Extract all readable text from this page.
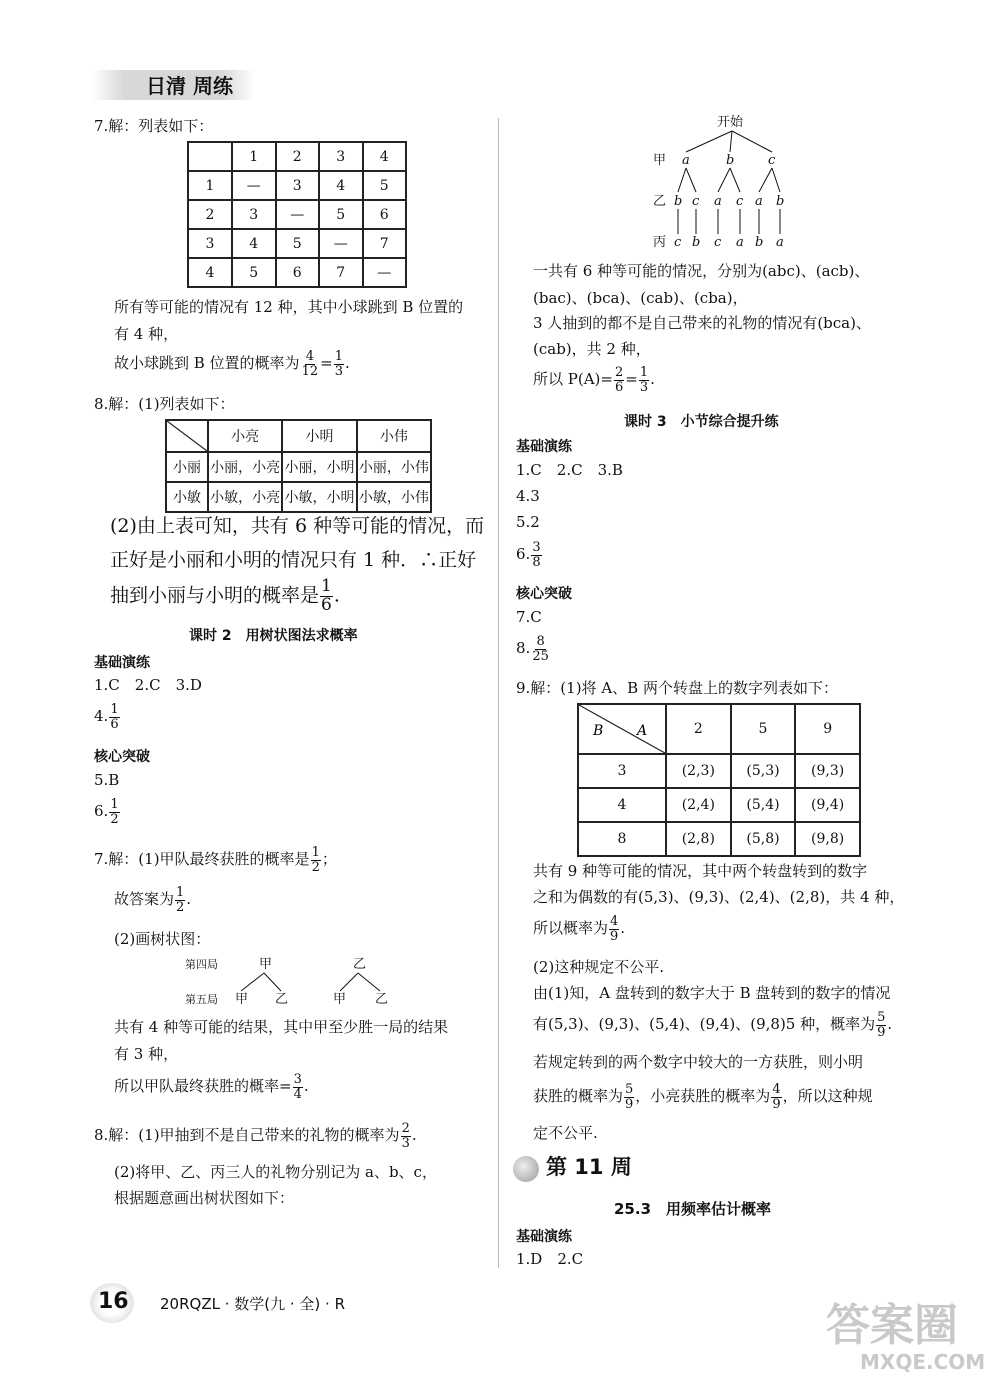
日清 周练
7.解：列表如下：
	1	2	3	4
1	—	3	4	5
2	3	—	5	6
3	4	5	—	7
4	5	6	7	—
所有等可能的情况有 12 种，其中小球跳到 B 位置的
有 4 种，
故小球跳到 B 位置的概率为 $\frac{4}{12} = \frac{1}{3}$ .
8.解：(1)列表如下：
	小亮	小明	小伟
小丽	小丽，小亮	小丽，小明	小丽，小伟
小敏	小敏，小亮	小敏，小明	小敏，小伟
(2)由上表可知，共有 6 种等可能的情况，而
正好是小丽和小明的情况只有 1 种．∴正好
抽到小丽与小明的概率是 $\frac{1}{6}$ .
课时 2　用树状图法求概率
基础演练
1.C　2.C　3.D
4. $\frac{1}{6}$
核心突破
5.B
6. $\frac{1}{2}$
7.解：(1)甲队最终获胜的概率是 $\frac{1}{2}$ ；
故答案为 $\frac{1}{2}$ .
(2)画树状图：
第四局
第五局
甲
甲 乙
乙
甲 乙
共有 4 种等可能的结果，其中甲至少胜一局的结果
有 3 种，
所以甲队最终获胜的概率= $\frac{3}{4}$ .
8.解：(1)甲抽到不是自己带来的礼物的概率为 $\frac{2}{3}$ .
(2)将甲、乙、丙三人的礼物分别记为 a、b、c，
根据题意画出树状图如下：
开始
甲
乙
丙
a	b	c
b c a c a b
c b c a b a
一共有 6 种等可能的情况，分别为(abc)、(acb)、
(bac)、(bca)、(cab)、(cba)，
3 人抽到的都不是自己带来的礼物的情况有(bca)、
(cab)，共 2 种，
所以 $P(A)= \frac{2}{6} = \frac{1}{3}$ .
课时 3　小节综合提升练
基础演练
1.C　2.C　3.B
4.3
5.2
6. $\frac{3}{8}$
核心突破
7.C
8. $\frac{8}{25}$
9.解：(1)将 A、B 两个转盘上的数字列表如下：
B A	2	5	9
3	(2,3)	(5,3)	(9,3)
4	(2,4)	(5,4)	(9,4)
8	(2,8)	(5,8)	(9,8)
共有 9 种等可能的情况，其中两个转盘转到的数字
之和为偶数的有(5,3)、(9,3)、(2,4)、(2,8)，共 4 种，
所以概率为 $\frac{4}{9}$ .
(2)这种规定不公平.
由(1)知，A 盘转到的数字大于 B 盘转到的数字的情况
有(5,3)、(9,3)、(5,4)、(9,4)、(9,8)5 种，概率为 $\frac{5}{9}$ .
若规定转到的两个数字中较大的一方获胜，则小明
获胜的概率为 $\frac{5}{9}$ ，小亮获胜的概率为 $\frac{4}{9}$ ，所以这种规
定不公平.
第 11 周
25.3　用频率估计概率
基础演练
1.D　2.C
16 20RQZL · 数学(九 · 全) · R	答案圈
MXQE.COM
